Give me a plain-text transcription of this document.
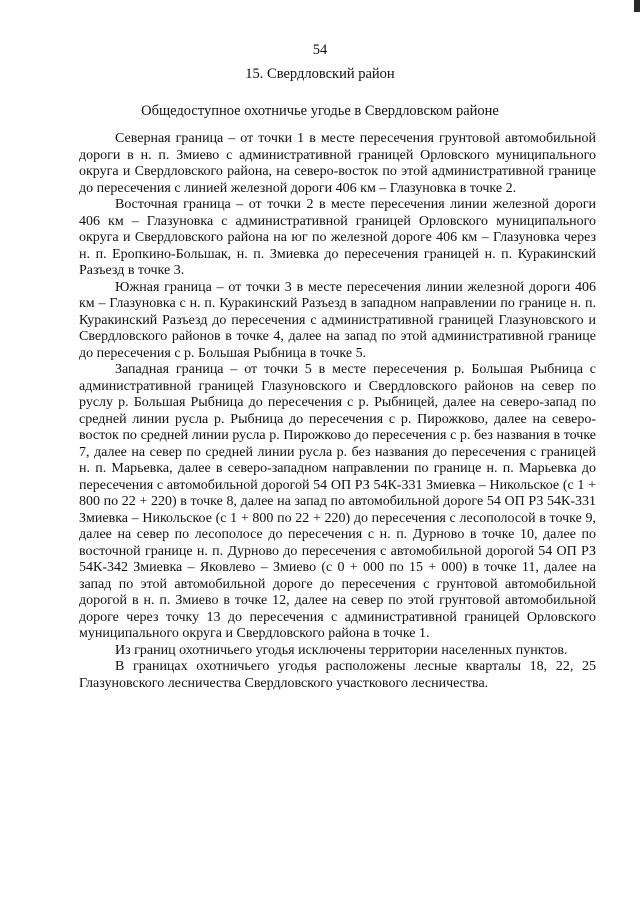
54
15. Свердловский район
Общедоступное охотничье угодье в Свердловском районе

Северная граница – от точки 1 в месте пересечения грунтовой автомобильной дороги в н. п. Змиево с административной границей Орловского муниципального округа и Свердловского района, на северо-восток по этой административной границе до пересечения с линией железной дороги 406 км – Глазуновка в точке 2.

Восточная граница – от точки 2 в месте пересечения линии железной дороги 406 км – Глазуновка с административной границей Орловского муниципального округа и Свердловского района на юг по железной дороге 406 км – Глазуновка через н. п. Еропкино-Большак, н. п. Змиевка до пересечения границей н. п. Куракинский Разъезд в точке 3.

Южная граница – от точки 3 в месте пересечения линии железной дороги 406 км – Глазуновка с н. п. Куракинский Разъезд в западном направлении по границе н. п. Куракинский Разъезд до пересечения с административной границей Глазуновского и Свердловского районов в точке 4, далее на запад по этой административной границе до пересечения с р. Большая Рыбница в точке 5.

Западная граница – от точки 5 в месте пересечения р. Большая Рыбница с административной границей Глазуновского и Свердловского районов на север по руслу р. Большая Рыбница до пересечения с р. Рыбницей, далее на северо-запад по средней линии русла р. Рыбница до пересечения с р. Пирожково, далее на северо-восток по средней линии русла р. Пирожково до пересечения с р. без названия в точке 7, далее на север по средней линии русла р. без названия до пересечения с границей н. п. Марьевка, далее в северо-западном направлении по границе н. п. Марьевка до пересечения с автомобильной дорогой 54 ОП РЗ 54К-331 Змиевка – Никольское (с 1 + 800 по 22 + 220) в точке 8, далее на запад по автомобильной дороге 54 ОП РЗ 54К-331 Змиевка – Никольское (с 1 + 800 по 22 + 220) до пересечения с лесополосой в точке 9, далее на север по лесополосе до пересечения с н. п. Дурново в точке 10, далее по восточной границе н. п. Дурново до пересечения с автомобильной дорогой 54 ОП РЗ 54К-342 Змиевка – Яковлево – Змиево (с 0 + 000 по 15 + 000) в точке 11, далее на запад по этой автомобильной дороге до пересечения с грунтовой автомобильной дорогой в н. п. Змиево в точке 12, далее на север по этой грунтовой автомобильной дороге через точку 13 до пересечения с административной границей Орловского муниципального округа и Свердловского района в точке 1.

Из границ охотничьего угодья исключены территории населенных пунктов.

В границах охотничьего угодья расположены лесные кварталы 18, 22, 25 Глазуновского лесничества Свердловского участкового лесничества.
